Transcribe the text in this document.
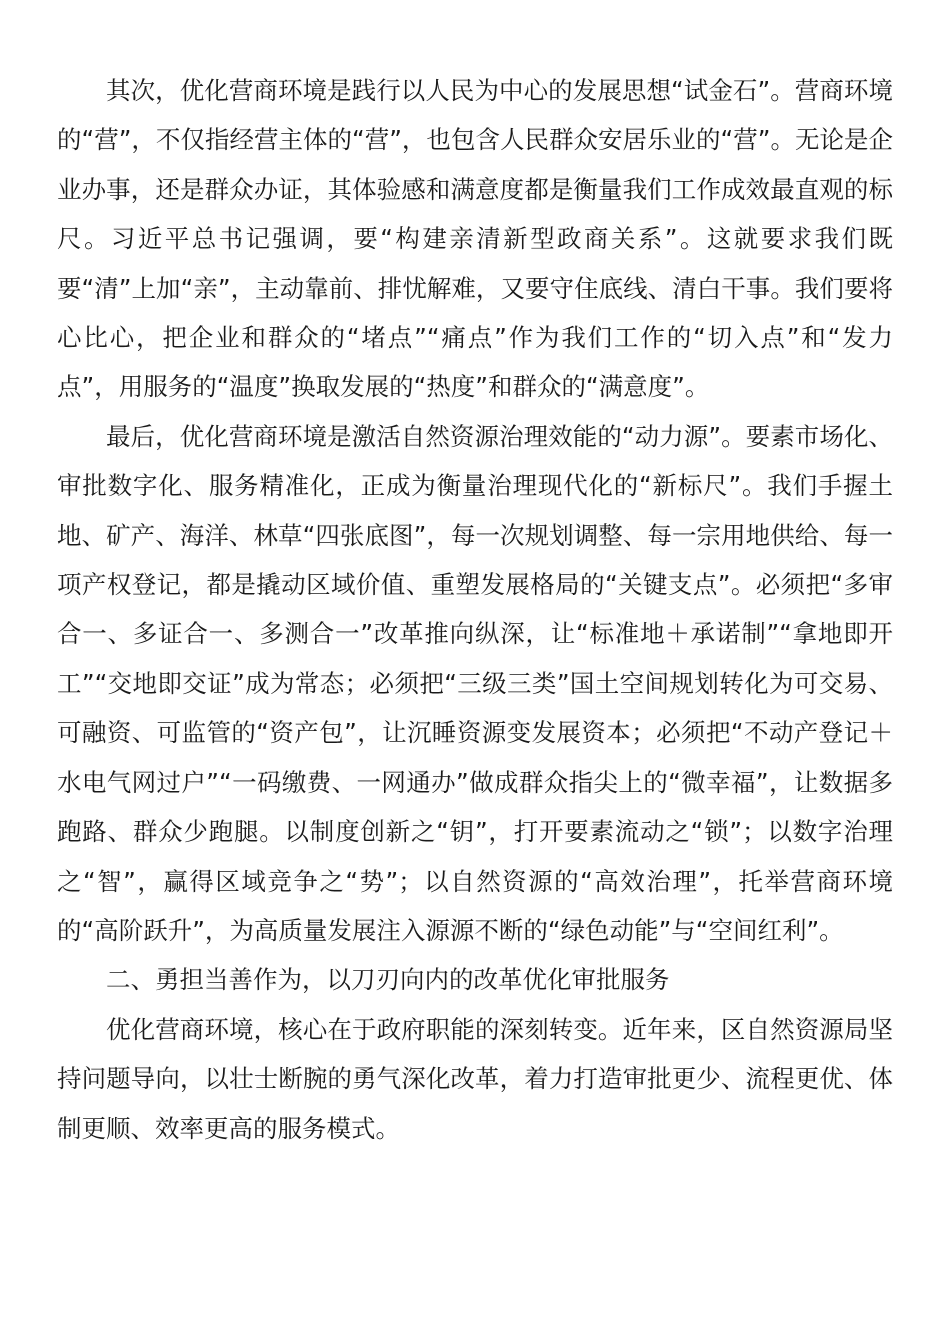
其次，优化营商环境是践行以人民为中心的发展思想“试金石”。营商环境的“营”，不仅指经营主体的“营”，也包含人民群众安居乐业的“营”。无论是企业办事，还是群众办证，其体验感和满意度都是衡量我们工作成效最直观的标尺。习近平总书记强调，要“构建亲清新型政商关系”。这就要求我们既要“清”上加“亲”，主动靠前、排忧解难，又要守住底线、清白干事。我们要将心比心，把企业和群众的“堵点”“痛点”作为我们工作的“切入点”和“发力点”，用服务的“温度”换取发展的“热度”和群众的“满意度”。

最后，优化营商环境是激活自然资源治理效能的“动力源”。要素市场化、审批数字化、服务精准化，正成为衡量治理现代化的“新标尺”。我们手握土地、矿产、海洋、林草“四张底图”，每一次规划调整、每一宗用地供给、每一项产权登记，都是撬动区域价值、重塑发展格局的“关键支点”。必须把“多审合一、多证合一、多测合一”改革推向纵深，让“标准地＋承诺制”“拿地即开工”“交地即交证”成为常态；必须把“三级三类”国土空间规划转化为可交易、可融资、可监管的“资产包”，让沉睡资源变发展资本；必须把“不动产登记＋水电气网过户”“一码缴费、一网通办”做成群众指尖上的“微幸福”，让数据多跑路、群众少跑腿。以制度创新之“钥”，打开要素流动之“锁”；以数字治理之“智”，赢得区域竞争之“势”；以自然资源的“高效治理”，托举营商环境的“高阶跃升”，为高质量发展注入源源不断的“绿色动能”与“空间红利”。

二、勇担当善作为，以刀刃向内的改革优化审批服务

优化营商环境，核心在于政府职能的深刻转变。近年来，区自然资源局坚持问题导向，以壮士断腕的勇气深化改革，着力打造审批更少、流程更优、体制更顺、效率更高的服务模式。
